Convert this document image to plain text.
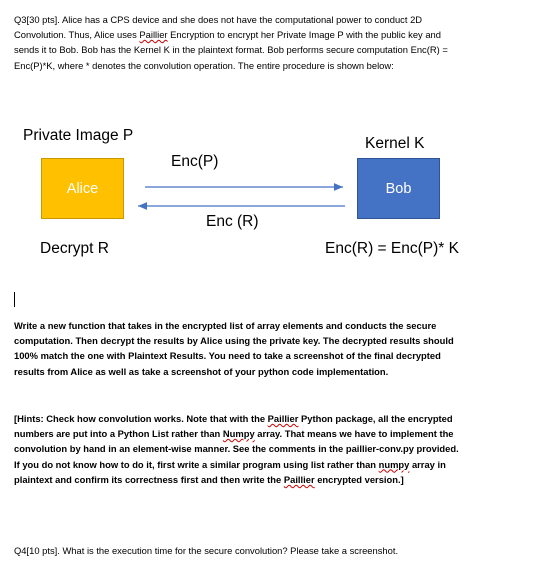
Q3[30 pts]. Alice has a CPS device and she does not have the computational power to conduct 2D
Convolution. Thus, Alice uses Paillier Encryption to encrypt her Private Image P with the public key and
sends it to Bob. Bob has the Kernel K in the plaintext format. Bob performs secure computation Enc(R) =
Enc(P)*K, where * denotes the convolution operation. The entire procedure is shown below:
Private Image P	Kernel K
Enc(P)
Alice	Bob
Enc (R)
Decrypt R	Enc(R) = Enc(P)* K
Write a new function that takes in the encrypted list of array elements and conducts the secure
computation. Then decrypt the results by Alice using the private key. The decrypted results should
100% match the one with Plaintext Results. You need to take a screenshot of the final decrypted
results from Alice as well as take a screenshot of your python code implementation.
[Hints: Check how convolution works. Note that with the Paillier Python package, all the encrypted
numbers are put into a Python List rather than Numpy array. That means we have to implement the
convolution by hand in an element-wise manner. See the comments in the paillier-conv.py provided.
If you do not know how to do it, first write a similar program using list rather than numpy array in
plaintext and confirm its correctness first and then write the Paillier encrypted version.]
Q4[10 pts]. What is the execution time for the secure convolution? Please take a screenshot.
